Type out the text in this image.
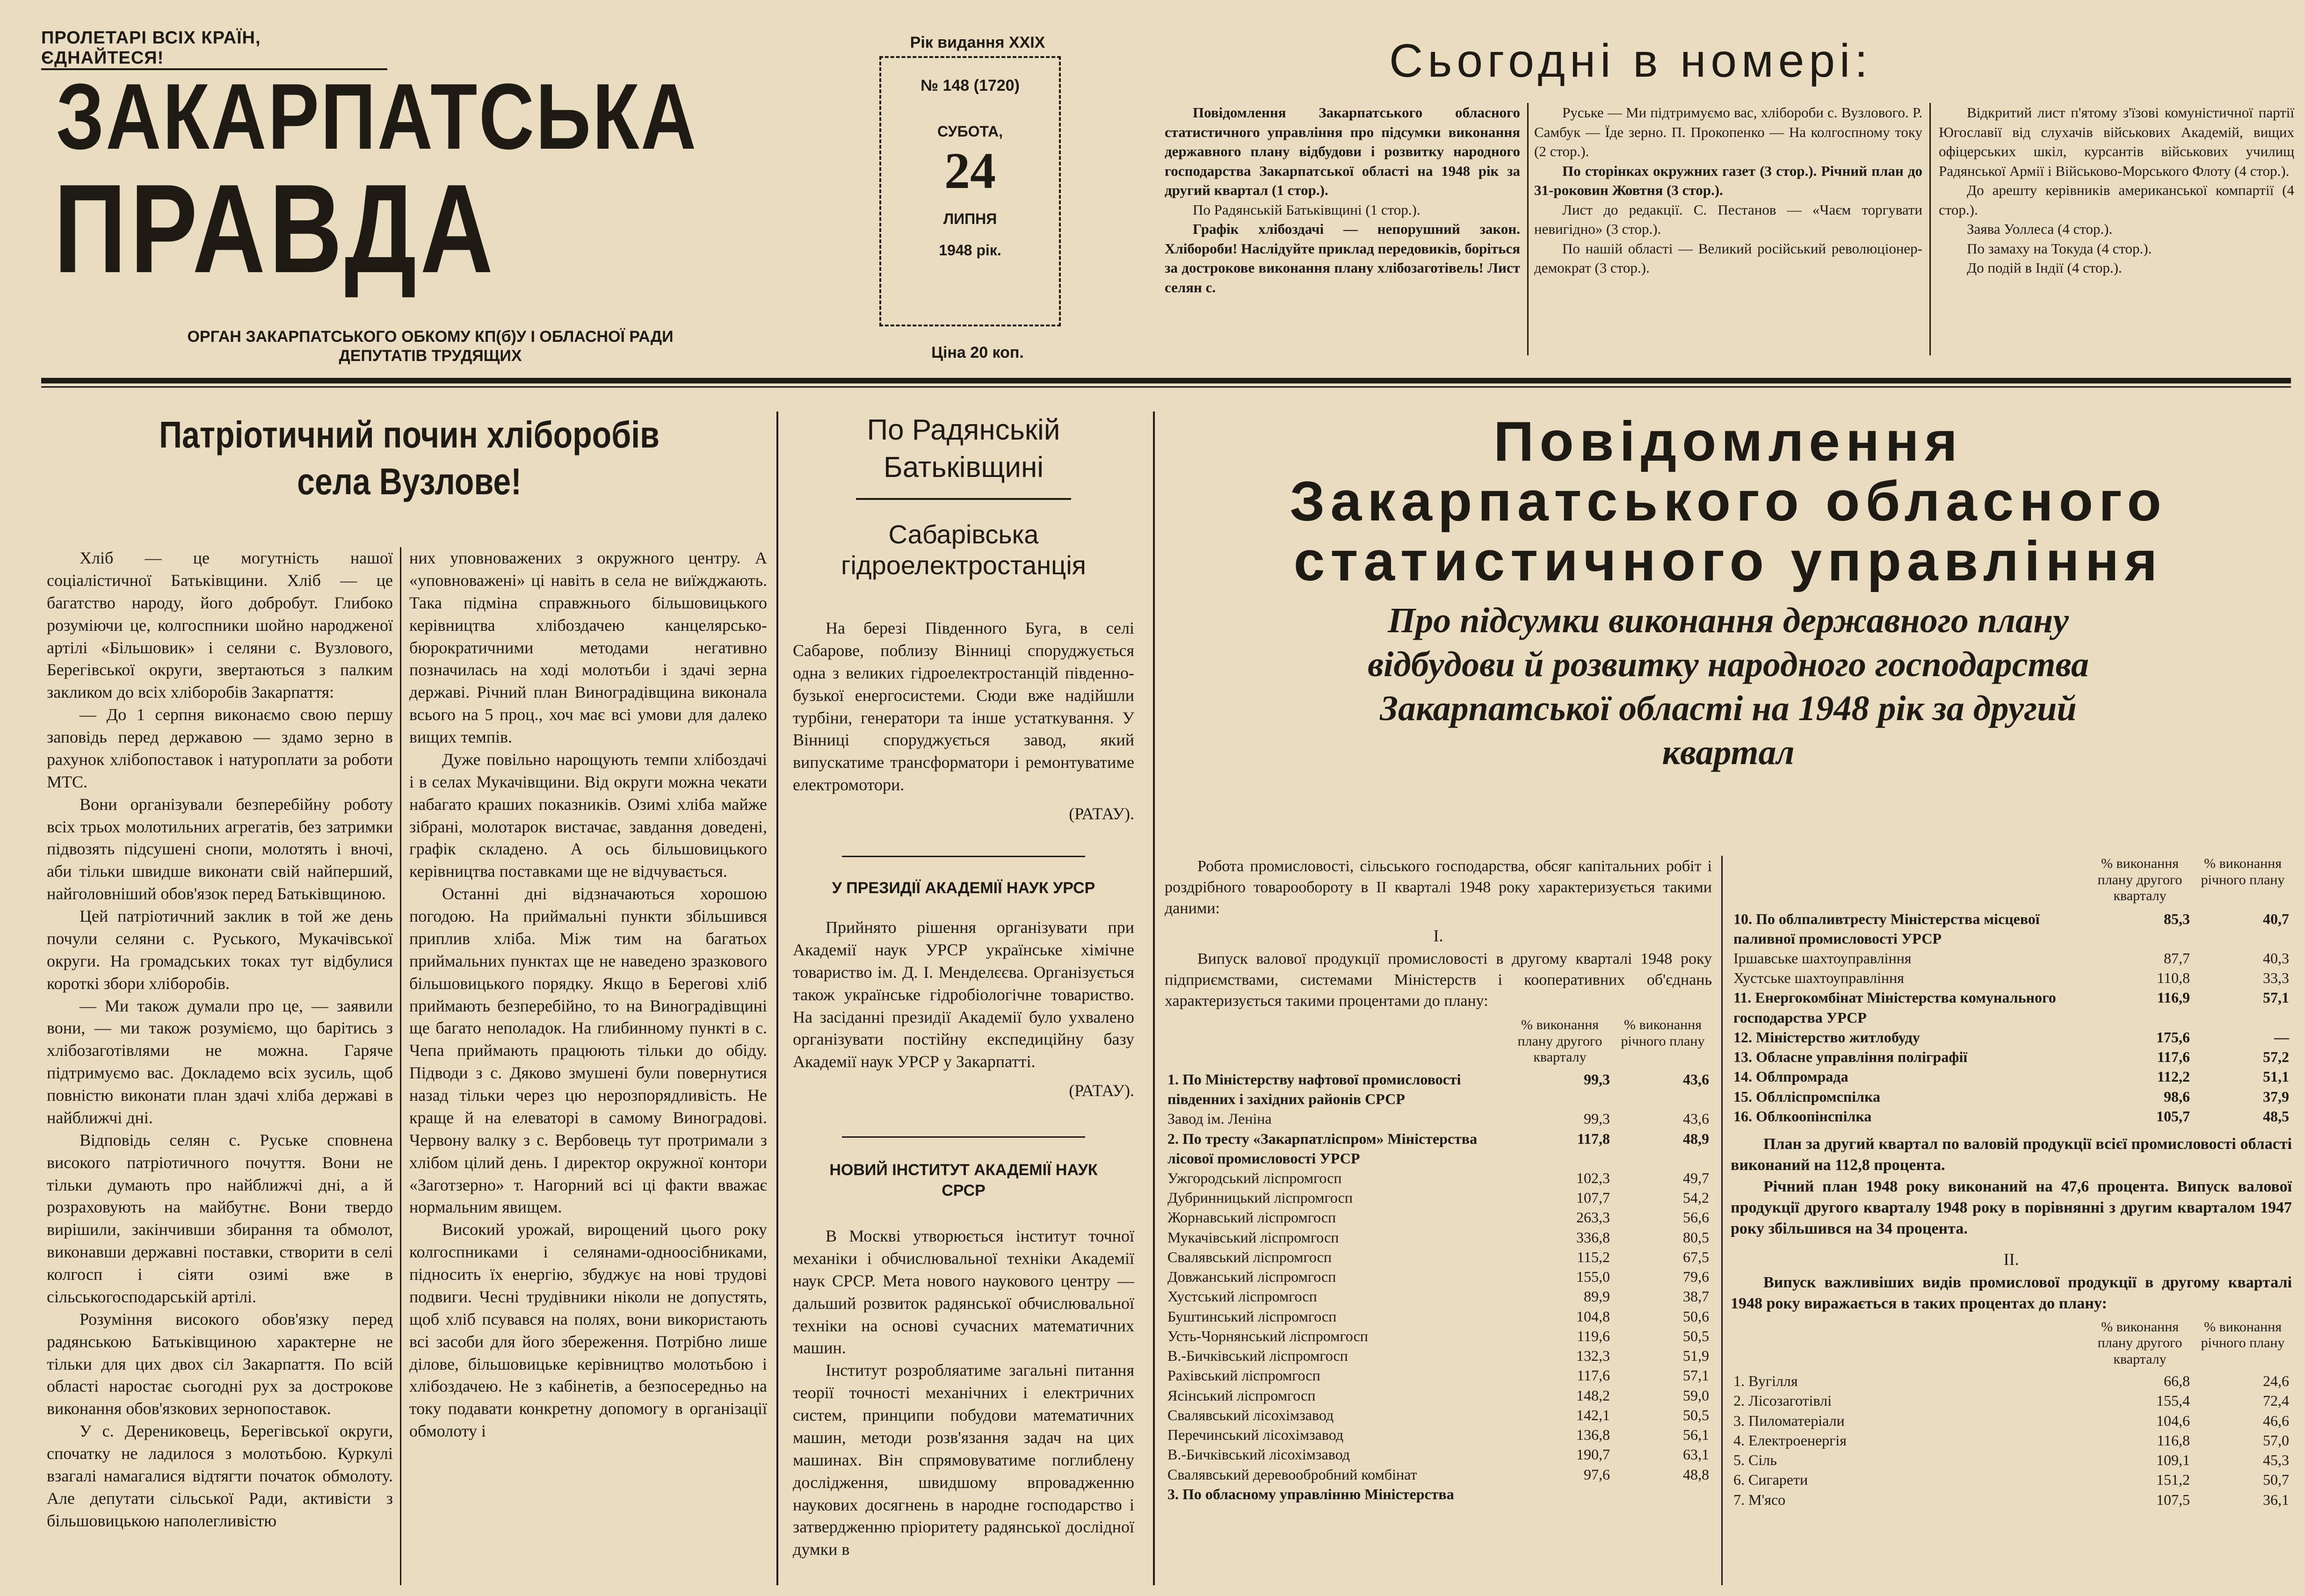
ПРОЛЕТАРІ ВСІХ КРАЇН, ЄДНАЙТЕСЯ!
ЗАКАРПАТСЬКА
ПРАВДА
ОРГАН ЗАКАРПАТСЬКОГО ОБКОМУ КП(б)У І ОБЛАСНОЇ РАДИ
ДЕПУТАТІВ ТРУДЯЩИХ
Рік видання XXIX
№ 148 (1720)
СУБОТА,
24
ЛИПНЯ
1948 рік.
Ціна 20 коп.
Сьогодні в номері:

Повідомлення Закарпатського обласного статистичного управління про підсумки виконання державного плану відбудови і розвитку народного господарства Закарпатської області на 1948 рік за другий квартал (1 стор.).

По Радянській Батьківщині (1 стор.).

Графік хлібоздачі — непорушний закон. Хлібороби! Наслідуйте приклад передовиків, боріться за дострокове виконання плану хлібозаготівель! Лист селян с.

Руське — Ми підтримуємо вас, хлібороби с. Вузлового. Р. Самбук — Їде зерно. П. Прокопенко — На колгоспному току (2 стор.).

По сторінках окружних газет (3 стор.). Річний план до 31-роковин Жовтня (3 стор.).

Лист до редакції. С. Пестанов — «Чаєм торгувати невигідно» (3 стор.).

По нашій області — Великий російський революціонер-демократ (3 стор.).

Відкритий лист п'ятому з'їзові комуністичної партії Югославії від слухачів військових Академій, вищих офіцерських шкіл, курсантів військових училищ Радянської Армії і Військово-Морського Флоту (4 стор.).

До арешту керівників американської компартії (4 стор.).

Заява Уоллеса (4 стор.).

По замаху на Токуда (4 стор.).

До подій в Індії (4 стор.).

Патріотичний почин хліборобів
села Вузлове!

Хліб — це могутність нашої соціалістичної Батьківщини. Хліб — це багатство народу, його добробут. Глибоко розуміючи це, колгоспники шойно народженої артілі «Більшовик» і селяни с. Вузлового, Берегівської округи, звертаються з палким закликом до всіх хліборобів Закарпаття:

— До 1 серпня виконаємо свою першу заповідь перед державою — здамо зерно в рахунок хлібопоставок і натуроплати за роботи МТС.

Вони організували безперебійну роботу всіх трьох молотильних агрегатів, без затримки підвозять підсушені снопи, молотять і вночі, аби тільки швидше виконати свій найперший, найголовніший обов'язок перед Батьківщиною.

Цей патріотичний заклик в той же день почули селяни с. Руського, Мукачівської округи. На громадських токах тут відбулися короткі збори хліборобів.

— Ми також думали про це, — заявили вони, — ми також розуміємо, що барітись з хлібозаготівлями не можна. Гаряче підтримуємо вас. Докладемо всіх зусиль, щоб повністю виконати план здачі хліба державі в найближчі дні.

Відповідь селян с. Руське сповнена високого патріотичного почуття. Вони не тільки думають про найближчі дні, а й розраховують на майбутнє. Вони твердо вирішили, закінчивши збирання та обмолот, виконавши державні поставки, створити в селі колгосп і сіяти озимі вже в сільськогосподарській артілі.

Розуміння високого обов'язку перед радянською Батьківщиною характерне не тільки для цих двох сіл Закарпаття. По всій області наростає сьогодні рух за дострокове виконання обов'язкових зернопоставок.

У с. Дерениковець, Берегівської округи, спочатку не ладилося з молотьбою. Куркулі взагалі намагалися відтягти початок обмолоту. Але депутати сільської Ради, активісти з більшовицькою наполегливістю

них уповноважених з окружного центру. А «уповноважені» ці навіть в села не виїжджають. Така підміна справжнього більшовицького керівництва хлібоздачею канцелярсько-бюрократичними методами негативно позначилась на ході молотьби і здачі зерна державі. Річний план Виноградівщина виконала всього на 5 проц., хоч має всі умови для далеко вищих темпів.

Дуже повільно нарощують темпи хлібоздачі і в селах Мукачівщини. Від округи можна чекати набагато краших показників. Озимі хліба майже зібрані, молотарок вистачає, завдання доведені, графік складено. А ось більшовицького керівництва поставками ще не відчувається.

Останні дні відзначаються хорошою погодою. На приймальні пункти збільшився приплив хліба. Між тим на багатьох приймальних пунктах ще не наведено зразкового більшовицького порядку. Якщо в Берегові хліб приймають безперебійно, то на Виноградівщині ще багато неполадок. На глибинному пункті в с. Чепа приймають працюють тільки до обіду. Підводи з с. Дяково змушені були повернутися назад тільки через цю нерозпорядливість. Не краще й на елеваторі в самому Виноградові. Червону валку з с. Вербовець тут протримали з хлібом цілий день. І директор окружної контори «Заготзерно» т. Нагорний всі ці факти вважає нормальним явищем.

Високий урожай, вирощений цього року колгоспниками і селянами-одноосібниками, підносить їх енергію, збуджує на нові трудові подвиги. Чесні трудівники ніколи не допустять, щоб хліб псувався на полях, вони використають всі засоби для його збереження. Потрібно лише ділове, більшовицьке керівництво молотьбою і хлібоздачею. Не з кабінетів, а безпосередньо на току подавати конкретну допомогу в організації обмолоту і

По Радянській
Батьківщині
Сабарівська
гідроелектростанція

На березі Південного Буга, в селі Сабарове, поблизу Вінниці споруджується одна з великих гідроелектростанцій південно-бузької енергосистеми. Сюди вже надійшли турбіни, генератори та інше устаткування. У Вінниці споруджується завод, який випускатиме трансформатори і ремонтуватиме електромотори.

(РАТАУ).
У ПРЕЗИДІЇ АКАДЕМІЇ НАУК УРСР

Прийнято рішення організувати при Академії наук УРСР українське хімічне товариство ім. Д. І. Менделєєва. Організується також українське гідробіологічне товариство. На засіданні президії Академії було ухвалено організувати постійну експедиційну базу Академії наук УРСР у Закарпатті.

(РАТАУ).
НОВИЙ ІНСТИТУТ АКАДЕМІЇ НАУК
СРСР

В Москві утворюється інститут точної механіки і обчислювальної техніки Академії наук СРСР. Мета нового наукового центру — дальший розвиток радянської обчислювальної техніки на основі сучасних математичних машин.

Інститут розробляатиме загальні питання теорії точності механічних і електричних систем, принципи побудови математичних машин, методи розв'язання задач на цих машинах. Він спрямовуватиме поглиблену дослідження, швидшому впровадженню наукових досягнень в народне господарство і затвердженню пріоритету радянської дослідної думки в

Повідомлення
Закарпатського обласного
статистичного управління
Про підсумки виконання державного плану
відбудови й розвитку народного господарства
Закарпатської області на 1948 рік за другий
квартал

Робота промисловості, сільського господарства, обсяг капітальних робіт і роздрібного товарообороту в II кварталі 1948 року характеризується такими даними:

I.

Випуск валової продукції промисловості в другому кварталі 1948 року підприємствами, системами Міністерств і кооперативних об'єднань характеризується такими процентами до плану:

% виконання плану другого кварталу
% виконання річного плану
1. По Міністерству нафтової промисловості південних і західних районів СРСР	99,3	43,6
Завод ім. Леніна	99,3	43,6
2. По тресту «Закарпатліспром» Міністерства лісової промисловості УРСР	117,8	48,9
Ужгородський ліспромгосп	102,3	49,7
Дубринницький ліспромгосп	107,7	54,2
Жорнавський ліспромгосп	263,3	56,6
Мукачівський ліспромгосп	336,8	80,5
Свалявський ліспромгосп	115,2	67,5
Довжанський ліспромгосп	155,0	79,6
Хустський ліспромгосп	89,9	38,7
Буштинський ліспромгосп	104,8	50,6
Усть-Чорнянський ліспромгосп	119,6	50,5
В.-Бичківський ліспромгосп	132,3	51,9
Рахівський ліспромгосп	117,6	57,1
Ясінський ліспромгосп	148,2	59,0
Свалявський лісохімзавод	142,1	50,5
Перечинський лісохімзавод	136,8	56,1
В.-Бичківський лісохімзавод	190,7	63,1
Свалявський деревообробний комбінат	97,6	48,8
3. По обласному управлінню Міністерства		
% виконання плану другого кварталу
% виконання річного плану
10. По облпаливтресту Міністерства місцевої паливної промисловості УРСР	85,3	40,7
Іршавське шахтоуправління	87,7	40,3
Хустське шахтоуправління	110,8	33,3
11. Енергокомбінат Міністерства комунального господарства УРСР	116,9	57,1
12. Міністерство житлобуду	175,6	—
13. Обласне управління поліграфії	117,6	57,2
14. Облпромрада	112,2	51,1
15. Облліспромспілка	98,6	37,9
16. Облкоопінспілка	105,7	48,5

План за другий квартал по валовій продукції всієї промисловості області виконаний на 112,8 процента.

Річний план 1948 року виконаний на 47,6 процента. Випуск валової продукції другого кварталу 1948 року в порівнянні з другим кварталом 1947 року збільшився на 34 процента.

II.

Випуск важливіших видів промислової продукції в другому кварталі 1948 року виражається в таких процентах до плану:

% виконання плану другого кварталу
% виконання річного плану
1. Вугілля	66,8	24,6
2. Лісозаготівлі	155,4	72,4
3. Пиломатеріали	104,6	46,6
4. Електроенергія	116,8	57,0
5. Сіль	109,1	45,3
6. Сигарети	151,2	50,7
7. М'ясо	107,5	36,1
